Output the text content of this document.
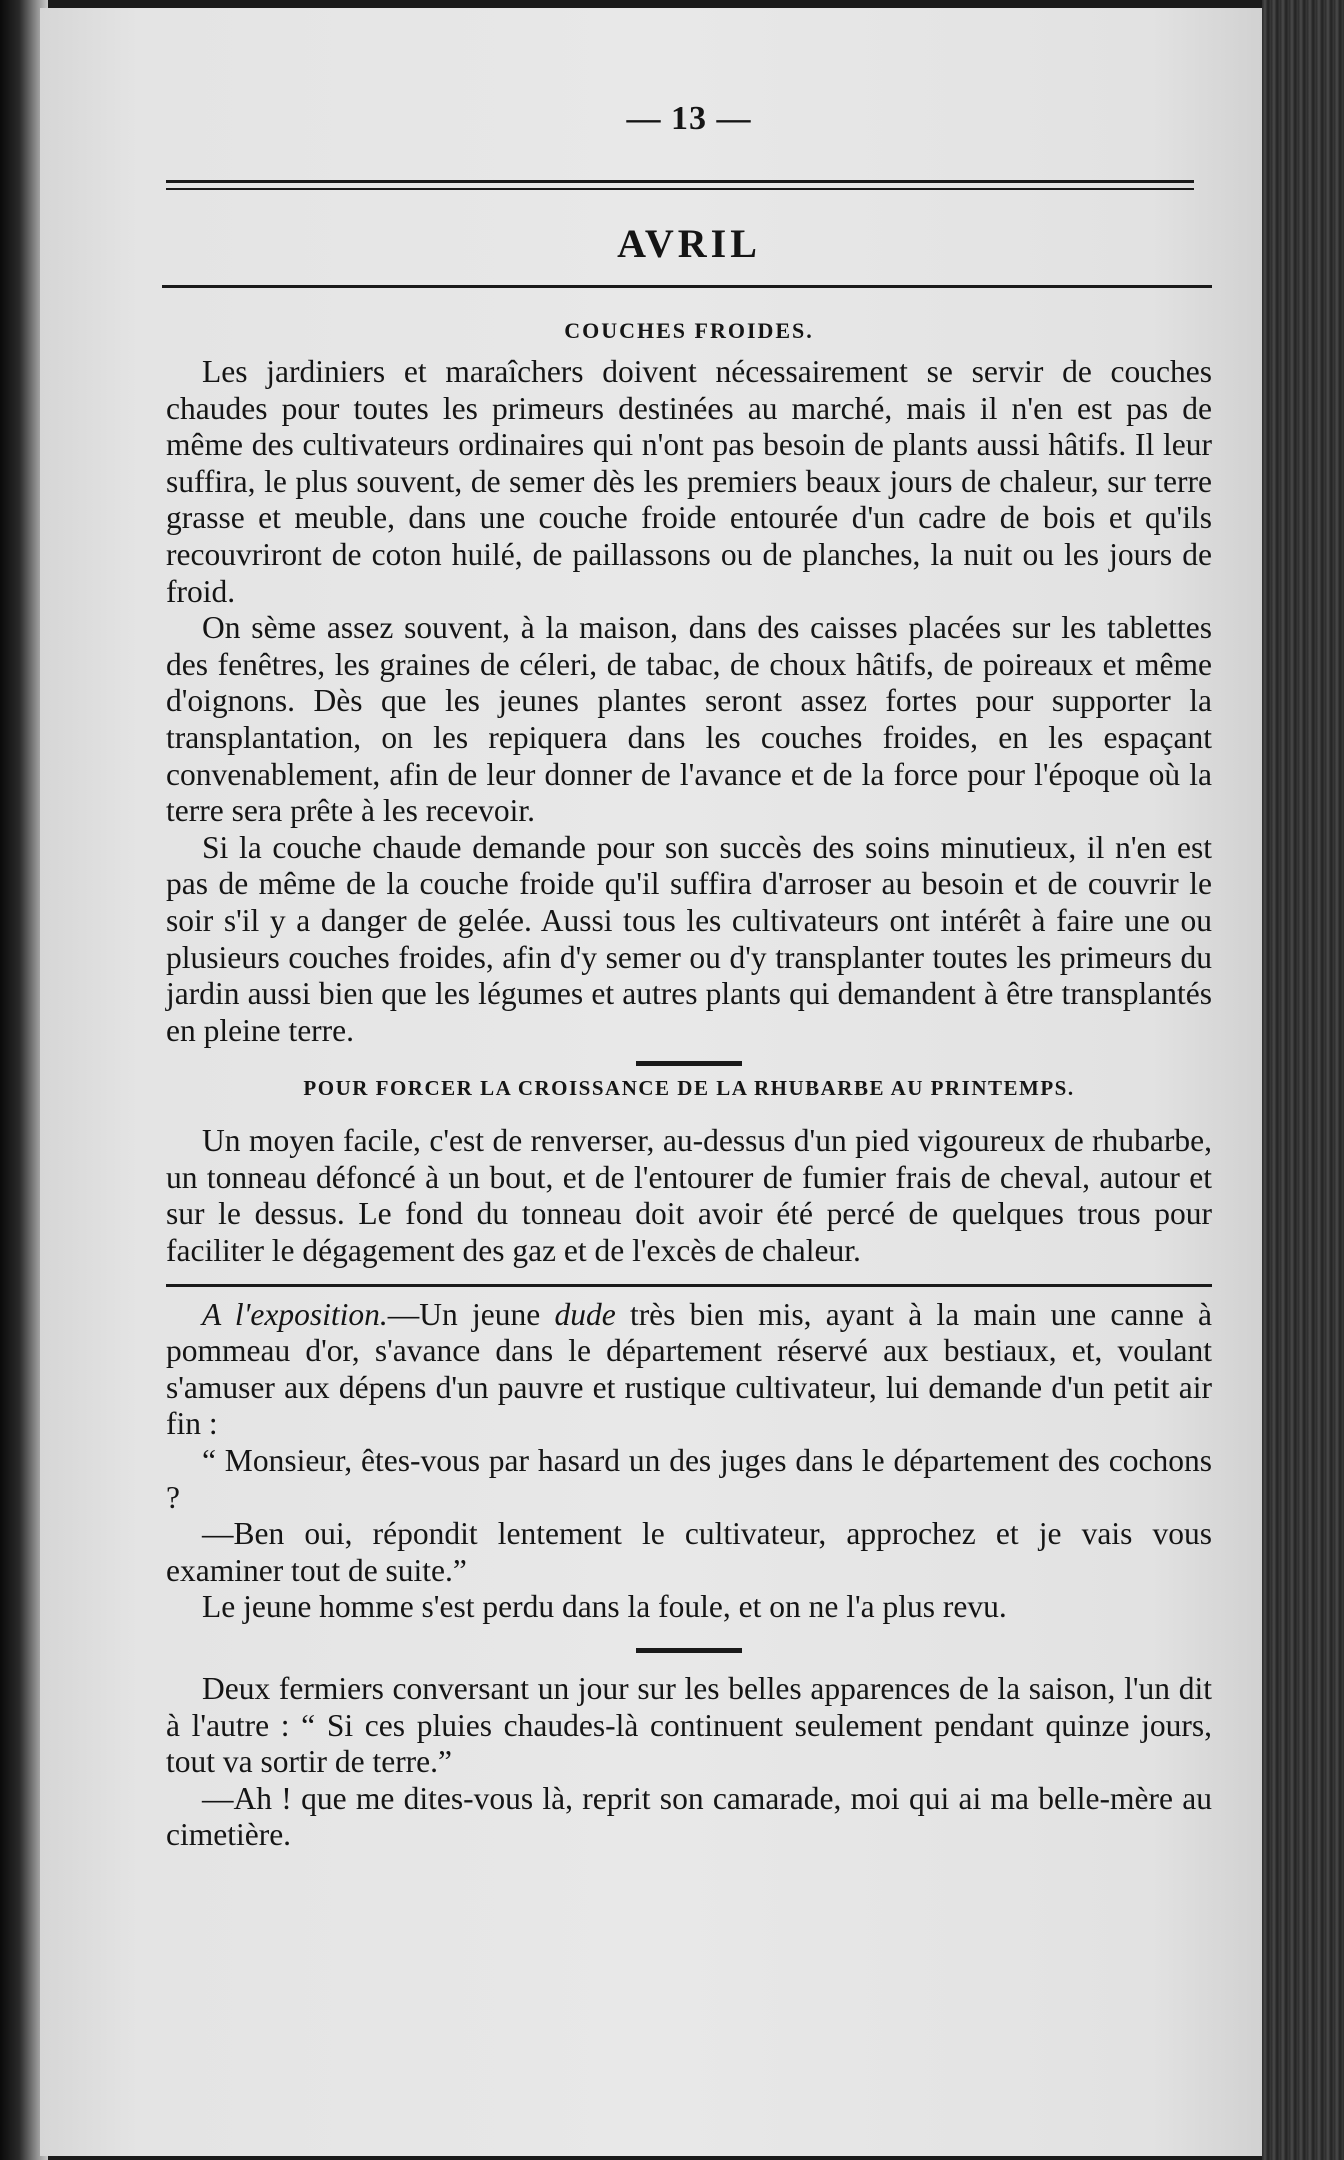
— 13 —
AVRIL
COUCHES FROIDES.

Les jardiniers et maraîchers doivent nécessairement se servir de couches chaudes pour toutes les primeurs destinées au marché, mais il n'en est pas de même des cultivateurs ordinaires qui n'ont pas besoin de plants aussi hâtifs. Il leur suffira, le plus souvent, de semer dès les premiers beaux jours de chaleur, sur terre grasse et meuble, dans une couche froide entourée d'un cadre de bois et qu'ils recouvriront de coton huilé, de paillassons ou de planches, la nuit ou les jours de froid.

On sème assez souvent, à la maison, dans des caisses placées sur les tablettes des fenêtres, les graines de céleri, de tabac, de choux hâtifs, de poireaux et même d'oignons. Dès que les jeunes plantes seront assez fortes pour supporter la transplantation, on les repiquera dans les couches froides, en les espaçant convenablement, afin de leur donner de l'avance et de la force pour l'époque où la terre sera prête à les recevoir.

Si la couche chaude demande pour son succès des soins minutieux, il n'en est pas de même de la couche froide qu'il suffira d'arroser au besoin et de couvrir le soir s'il y a danger de gelée. Aussi tous les cultivateurs ont intérêt à faire une ou plusieurs couches froides, afin d'y semer ou d'y transplanter toutes les primeurs du jardin aussi bien que les légumes et autres plants qui demandent à être transplantés en pleine terre.

POUR FORCER LA CROISSANCE DE LA RHUBARBE AU PRINTEMPS.

Un moyen facile, c'est de renverser, au-dessus d'un pied vigoureux de rhubarbe, un tonneau défoncé à un bout, et de l'entourer de fumier frais de cheval, autour et sur le dessus. Le fond du tonneau doit avoir été percé de quelques trous pour faciliter le dégagement des gaz et de l'excès de chaleur.

A l'exposition.—Un jeune dude très bien mis, ayant à la main une canne à pommeau d'or, s'avance dans le département réservé aux bestiaux, et, voulant s'amuser aux dépens d'un pauvre et rustique cultivateur, lui demande d'un petit air fin :

“ Monsieur, êtes-vous par hasard un des juges dans le département des cochons ?

—Ben oui, répondit lentement le cultivateur, approchez et je vais vous examiner tout de suite.”

Le jeune homme s'est perdu dans la foule, et on ne l'a plus revu.

Deux fermiers conversant un jour sur les belles apparences de la saison, l'un dit à l'autre : “ Si ces pluies chaudes-là continuent seulement pendant quinze jours, tout va sortir de terre.”

—Ah ! que me dites-vous là, reprit son camarade, moi qui ai ma belle-mère au cimetière.
